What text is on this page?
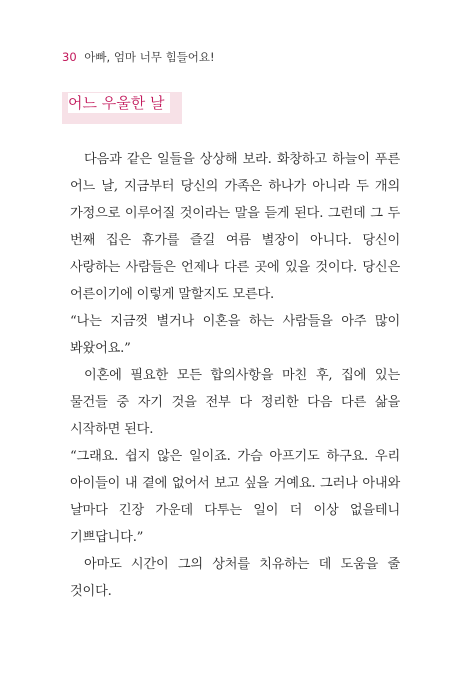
30 아빠, 엄마 너무 힘들어요!
어느 우울한 날

다음과 같은 일들을 상상해 보라. 화창하고 하늘이 푸른 어느 날, 지금부터 당신의 가족은 하나가 아니라 두 개의 가정으로 이루어질 것이라는 말을 듣게 된다. 그런데 그 두 번째 집은 휴가를 즐길 여름 별장이 아니다. 당신이 사랑하는 사람들은 언제나 다른 곳에 있을 것이다. 당신은 어른이기에 이렇게 말할지도 모른다.

“나는 지금껏 별거나 이혼을 하는 사람들을 아주 많이 봐왔어요.”

이혼에 필요한 모든 합의사항을 마친 후, 집에 있는 물건들 중 자기 것을 전부 다 정리한 다음 다른 삶을 시작하면 된다.

“그래요. 쉽지 않은 일이죠. 가슴 아프기도 하구요. 우리 아이들이 내 곁에 없어서 보고 싶을 거예요. 그러나 아내와 날마다 긴장 가운데 다투는 일이 더 이상 없을테니 기쁘답니다.”

아마도 시간이 그의 상처를 치유하는 데 도움을 줄 것이다.
